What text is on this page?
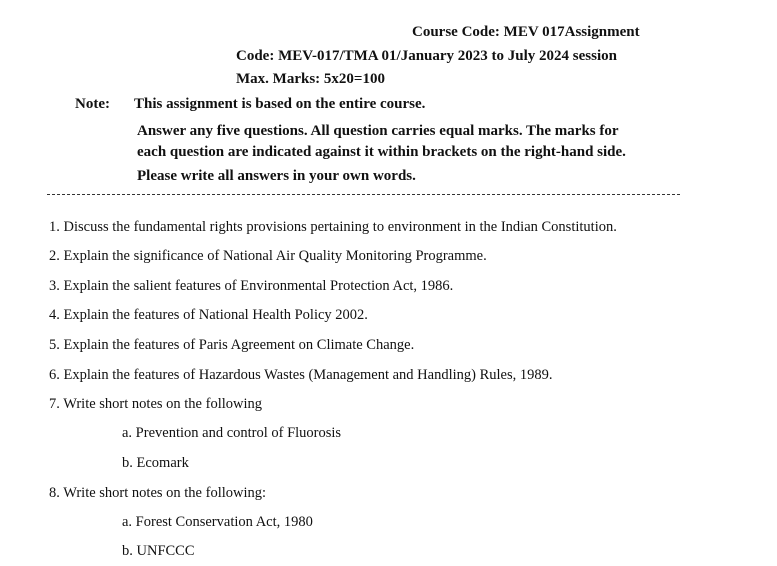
Course Code: MEV 017Assignment
Code: MEV-017/TMA 01/January 2023 to July 2024 session
Max. Marks: 5x20=100
Note: This assignment is based on the entire course.
Answer any five questions. All question carries equal marks. The marks for
each question are indicated against it within brackets on the right-hand side.
Please write all answers in your own words.
1. Discuss the fundamental rights provisions pertaining to environment in the Indian Constitution.
2. Explain the significance of National Air Quality Monitoring Programme.
3. Explain the salient features of Environmental Protection Act, 1986.
4. Explain the features of National Health Policy 2002.
5. Explain the features of Paris Agreement on Climate Change.
6. Explain the features of Hazardous Wastes (Management and Handling) Rules, 1989.
7. Write short notes on the following
a. Prevention and control of Fluorosis
b. Ecomark
8. Write short notes on the following:
a. Forest Conservation Act, 1980
b. UNFCCC
